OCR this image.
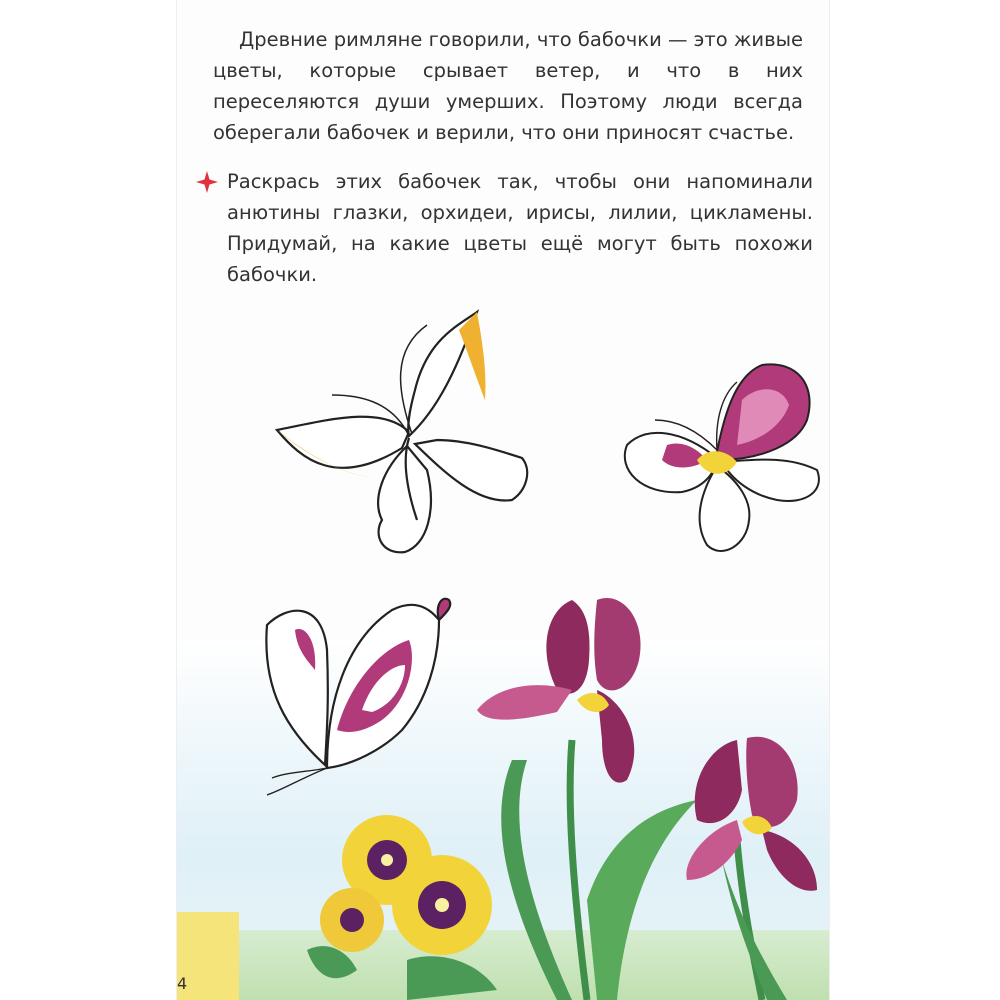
4

Древние римляне говорили, что бабочки — это живые цветы, которые срывает ветер, и что в них переселяются души умерших. Поэтому люди всегда оберегали бабочек и верили, что они приносят счастье.

Раскрась этих бабочек так, чтобы они напоминали анютины глазки, орхидеи, ирисы, лилии, цикламены. Придумай, на какие цветы ещё могут быть похожи бабочки.
